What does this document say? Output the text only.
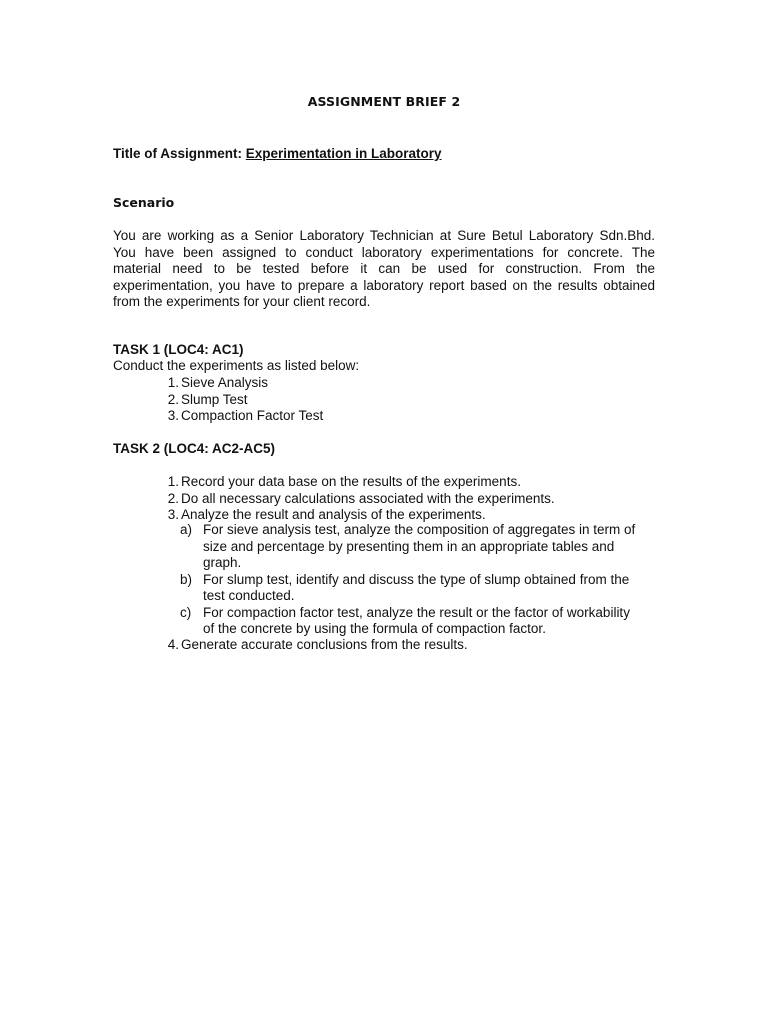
ASSIGNMENT BRIEF 2
Title of Assignment: Experimentation in Laboratory
Scenario
You are working as a Senior Laboratory Technician at Sure Betul Laboratory Sdn.Bhd.
You have been assigned to conduct laboratory experimentations for concrete. The
material need to be tested before it can be used for construction. From the
experimentation, you have to prepare a laboratory report based on the results obtained
from the experiments for your client record.
TASK 1 (LOC4: AC1)
Conduct the experiments as listed below:
1. Sieve Analysis
2. Slump Test
3. Compaction Factor Test
TASK 2 (LOC4: AC2-AC5)
1. Record your data base on the results of the experiments.
2. Do all necessary calculations associated with the experiments.
3. Analyze the result and analysis of the experiments.
a) For sieve analysis test, analyze the composition of aggregates in term of
size and percentage by presenting them in an appropriate tables and
graph.
b) For slump test, identify and discuss the type of slump obtained from the
test conducted.
c) For compaction factor test, analyze the result or the factor of workability
of the concrete by using the formula of compaction factor.
4. Generate accurate conclusions from the results.
